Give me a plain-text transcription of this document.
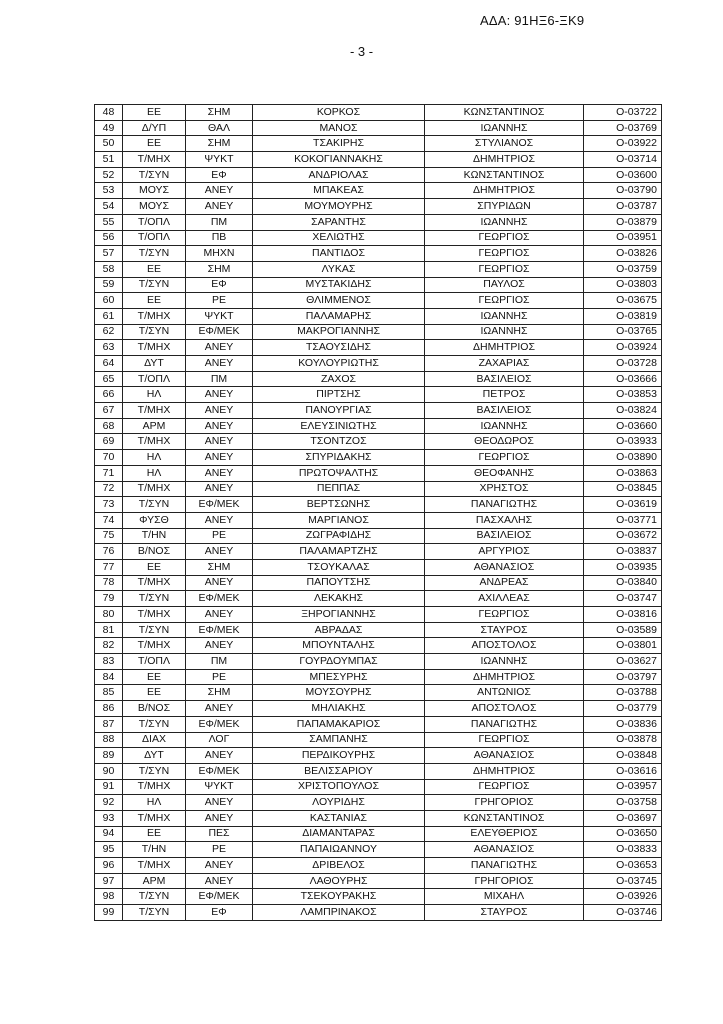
ΑΔΑ: 91ΗΞ6-ΞΚ9
- 3 -
48	ΕΕ	ΣΗΜ	ΚΟΡΚΟΣ	ΚΩΝΣΤΑΝΤΙΝΟΣ	Ο-03722
49	Δ/ΥΠ	ΘΑΛ	ΜΑΝΟΣ	ΙΩΑΝΝΗΣ	Ο-03769
50	ΕΕ	ΣΗΜ	ΤΣΑΚΙΡΗΣ	ΣΤΥΛΙΑΝΟΣ	Ο-03922
51	Τ/ΜΗΧ	ΨΥΚΤ	ΚΟΚΟΓΙΑΝΝΑΚΗΣ	ΔΗΜΗΤΡΙΟΣ	Ο-03714
52	Τ/ΣΥΝ	ΕΦ	ΑΝΔΡΙΟΛΑΣ	ΚΩΝΣΤΑΝΤΙΝΟΣ	Ο-03600
53	ΜΟΥΣ	ΑΝΕΥ	ΜΠΑΚΕΑΣ	ΔΗΜΗΤΡΙΟΣ	Ο-03790
54	ΜΟΥΣ	ΑΝΕΥ	ΜΟΥΜΟΥΡΗΣ	ΣΠΥΡΙΔΩΝ	Ο-03787
55	Τ/ΟΠΛ	ΠΜ	ΣΑΡΑΝΤΗΣ	ΙΩΑΝΝΗΣ	Ο-03879
56	Τ/ΟΠΛ	ΠΒ	ΧΕΛΙΩΤΗΣ	ΓΕΩΡΓΙΟΣ	Ο-03951
57	Τ/ΣΥΝ	ΜΗΧΝ	ΠΑΝΤΙΔΟΣ	ΓΕΩΡΓΙΟΣ	Ο-03826
58	ΕΕ	ΣΗΜ	ΛΥΚΑΣ	ΓΕΩΡΓΙΟΣ	Ο-03759
59	Τ/ΣΥΝ	ΕΦ	ΜΥΣΤΑΚΙΔΗΣ	ΠΑΥΛΟΣ	Ο-03803
60	ΕΕ	ΡΕ	ΘΛΙΜΜΕΝΟΣ	ΓΕΩΡΓΙΟΣ	Ο-03675
61	Τ/ΜΗΧ	ΨΥΚΤ	ΠΑΛΑΜΑΡΗΣ	ΙΩΑΝΝΗΣ	Ο-03819
62	Τ/ΣΥΝ	ΕΦ/ΜΕΚ	ΜΑΚΡΟΓΙΑΝΝΗΣ	ΙΩΑΝΝΗΣ	Ο-03765
63	Τ/ΜΗΧ	ΑΝΕΥ	ΤΣΑΟΥΣΙΔΗΣ	ΔΗΜΗΤΡΙΟΣ	Ο-03924
64	ΔΥΤ	ΑΝΕΥ	ΚΟΥΛΟΥΡΙΩΤΗΣ	ΖΑΧΑΡΙΑΣ	Ο-03728
65	Τ/ΟΠΛ	ΠΜ	ΖΑΧΟΣ	ΒΑΣΙΛΕΙΟΣ	Ο-03666
66	ΗΛ	ΑΝΕΥ	ΠΙΡΤΣΗΣ	ΠΕΤΡΟΣ	Ο-03853
67	Τ/ΜΗΧ	ΑΝΕΥ	ΠΑΝΟΥΡΓΙΑΣ	ΒΑΣΙΛΕΙΟΣ	Ο-03824
68	ΑΡΜ	ΑΝΕΥ	ΕΛΕΥΣΙΝΙΩΤΗΣ	ΙΩΑΝΝΗΣ	Ο-03660
69	Τ/ΜΗΧ	ΑΝΕΥ	ΤΣΟΝΤΖΟΣ	ΘΕΟΔΩΡΟΣ	Ο-03933
70	ΗΛ	ΑΝΕΥ	ΣΠΥΡΙΔΑΚΗΣ	ΓΕΩΡΓΙΟΣ	Ο-03890
71	ΗΛ	ΑΝΕΥ	ΠΡΩΤΟΨΑΛΤΗΣ	ΘΕΟΦΑΝΗΣ	Ο-03863
72	Τ/ΜΗΧ	ΑΝΕΥ	ΠΕΠΠΑΣ	ΧΡΗΣΤΟΣ	Ο-03845
73	Τ/ΣΥΝ	ΕΦ/ΜΕΚ	ΒΕΡΤΣΩΝΗΣ	ΠΑΝΑΓΙΩΤΗΣ	Ο-03619
74	ΦΥΣΘ	ΑΝΕΥ	ΜΑΡΓΙΑΝΟΣ	ΠΑΣΧΑΛΗΣ	Ο-03771
75	Τ/ΗΝ	ΡΕ	ΖΩΓΡΑΦΙΔΗΣ	ΒΑΣΙΛΕΙΟΣ	Ο-03672
76	Β/ΝΟΣ	ΑΝΕΥ	ΠΑΛΑΜΑΡΤΖΗΣ	ΑΡΓΥΡΙΟΣ	Ο-03837
77	ΕΕ	ΣΗΜ	ΤΣΟΥΚΑΛΑΣ	ΑΘΑΝΑΣΙΟΣ	Ο-03935
78	Τ/ΜΗΧ	ΑΝΕΥ	ΠΑΠΟΥΤΣΗΣ	ΑΝΔΡΕΑΣ	Ο-03840
79	Τ/ΣΥΝ	ΕΦ/ΜΕΚ	ΛΕΚΑΚΗΣ	ΑΧΙΛΛΕΑΣ	Ο-03747
80	Τ/ΜΗΧ	ΑΝΕΥ	ΞΗΡΟΓΙΑΝΝΗΣ	ΓΕΩΡΓΙΟΣ	Ο-03816
81	Τ/ΣΥΝ	ΕΦ/ΜΕΚ	ΑΒΡΑΔΑΣ	ΣΤΑΥΡΟΣ	Ο-03589
82	Τ/ΜΗΧ	ΑΝΕΥ	ΜΠΟΥΝΤΑΛΗΣ	ΑΠΟΣΤΟΛΟΣ	Ο-03801
83	Τ/ΟΠΛ	ΠΜ	ΓΟΥΡΔΟΥΜΠΑΣ	ΙΩΑΝΝΗΣ	Ο-03627
84	ΕΕ	ΡΕ	ΜΠΕΣΥΡΗΣ	ΔΗΜΗΤΡΙΟΣ	Ο-03797
85	ΕΕ	ΣΗΜ	ΜΟΥΣΟΥΡΗΣ	ΑΝΤΩΝΙΟΣ	Ο-03788
86	Β/ΝΟΣ	ΑΝΕΥ	ΜΗΛΙΑΚΗΣ	ΑΠΟΣΤΟΛΟΣ	Ο-03779
87	Τ/ΣΥΝ	ΕΦ/ΜΕΚ	ΠΑΠΑΜΑΚΑΡΙΟΣ	ΠΑΝΑΓΙΩΤΗΣ	Ο-03836
88	ΔΙΑΧ	ΛΟΓ	ΣΑΜΠΑΝΗΣ	ΓΕΩΡΓΙΟΣ	Ο-03878
89	ΔΥΤ	ΑΝΕΥ	ΠΕΡΔΙΚΟΥΡΗΣ	ΑΘΑΝΑΣΙΟΣ	Ο-03848
90	Τ/ΣΥΝ	ΕΦ/ΜΕΚ	ΒΕΛΙΣΣΑΡΙΟΥ	ΔΗΜΗΤΡΙΟΣ	Ο-03616
91	Τ/ΜΗΧ	ΨΥΚΤ	ΧΡΙΣΤΟΠΟΥΛΟΣ	ΓΕΩΡΓΙΟΣ	Ο-03957
92	ΗΛ	ΑΝΕΥ	ΛΟΥΡΙΔΗΣ	ΓΡΗΓΟΡΙΟΣ	Ο-03758
93	Τ/ΜΗΧ	ΑΝΕΥ	ΚΑΣΤΑΝΙΑΣ	ΚΩΝΣΤΑΝΤΙΝΟΣ	Ο-03697
94	ΕΕ	ΠΕΣ	ΔΙΑΜΑΝΤΑΡΑΣ	ΕΛΕΥΘΕΡΙΟΣ	Ο-03650
95	Τ/ΗΝ	ΡΕ	ΠΑΠΑΙΩΑΝΝΟΥ	ΑΘΑΝΑΣΙΟΣ	Ο-03833
96	Τ/ΜΗΧ	ΑΝΕΥ	ΔΡΙΒΕΛΟΣ	ΠΑΝΑΓΙΩΤΗΣ	Ο-03653
97	ΑΡΜ	ΑΝΕΥ	ΛΑΘΟΥΡΗΣ	ΓΡΗΓΟΡΙΟΣ	Ο-03745
98	Τ/ΣΥΝ	ΕΦ/ΜΕΚ	ΤΣΕΚΟΥΡΑΚΗΣ	ΜΙΧΑΗΛ	Ο-03926
99	Τ/ΣΥΝ	ΕΦ	ΛΑΜΠΡΙΝΑΚΟΣ	ΣΤΑΥΡΟΣ	Ο-03746
